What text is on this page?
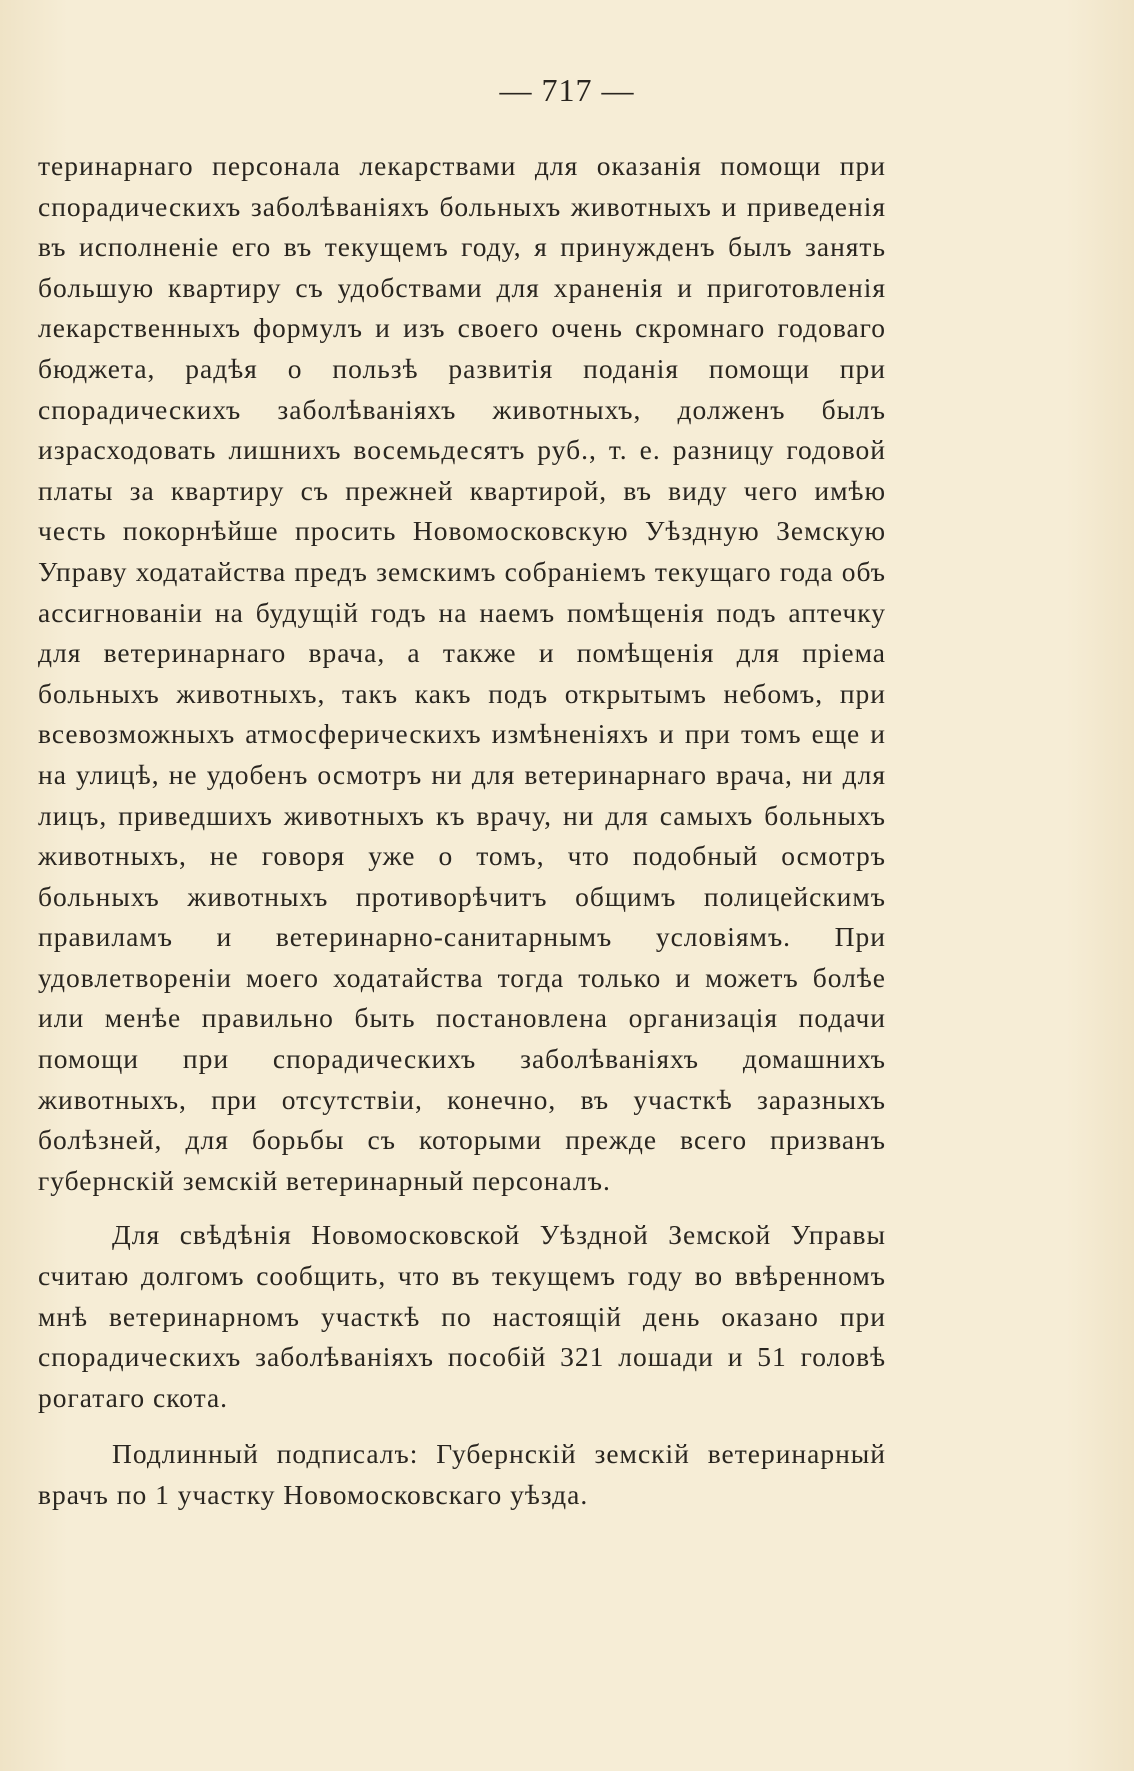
— 717 —

теринарнаго персонала лекарствами для оказанія помощи при спорадическихъ заболѣваніяхъ больныхъ животныхъ и приведенія въ исполненіе его въ текущемъ году, я принужденъ былъ занять большую квартиру съ удобствами для храненія и приготовленія лекарственныхъ формулъ и изъ своего очень скромнаго годоваго бюджета, радѣя о пользѣ развитія поданія помощи при спорадическихъ заболѣваніяхъ животныхъ, долженъ былъ израсходовать лишнихъ восемьдесятъ руб., т. е. разницу годовой платы за квартиру съ прежней квартирой, въ виду чего имѣю честь покорнѣйше просить Новомосковскую Уѣздную Земскую Управу ходатайства предъ земскимъ собраніемъ текущаго года объ ассигнованіи на будущій годъ на наемъ помѣщенія подъ аптечку для ветеринарнаго врача, а также и помѣщенія для пріема больныхъ животныхъ, такъ какъ подъ открытымъ небомъ, при всевозможныхъ атмосферическихъ измѣненіяхъ и при томъ еще и на улицѣ, не удобенъ осмотръ ни для ветеринарнаго врача, ни для лицъ, приведшихъ животныхъ къ врачу, ни для самыхъ больныхъ животныхъ, не говоря уже о томъ, что подобный осмотръ больныхъ животныхъ противорѣчитъ общимъ полицейскимъ правиламъ и ветеринарно-санитарнымъ условіямъ. При удовлетвореніи моего ходатайства тогда только и можетъ болѣе или менѣе правильно быть постановлена организація подачи помощи при спорадическихъ заболѣваніяхъ домашнихъ животныхъ, при отсутствіи, конечно, въ участкѣ заразныхъ болѣзней, для борьбы съ которыми прежде всего призванъ губернскій земскій ветеринарный персоналъ.

Для свѣдѣнія Новомосковской Уѣздной Земской Управы считаю долгомъ сообщить, что въ текущемъ году во ввѣренномъ мнѣ ветеринарномъ участкѣ по настоящій день оказано при спорадическихъ заболѣваніяхъ пособій 321 лошади и 51 головѣ рогатаго скота.

Подлинный подписалъ: Губернскій земскій ветеринарный врачъ по 1 участку Новомосковскаго уѣзда.
